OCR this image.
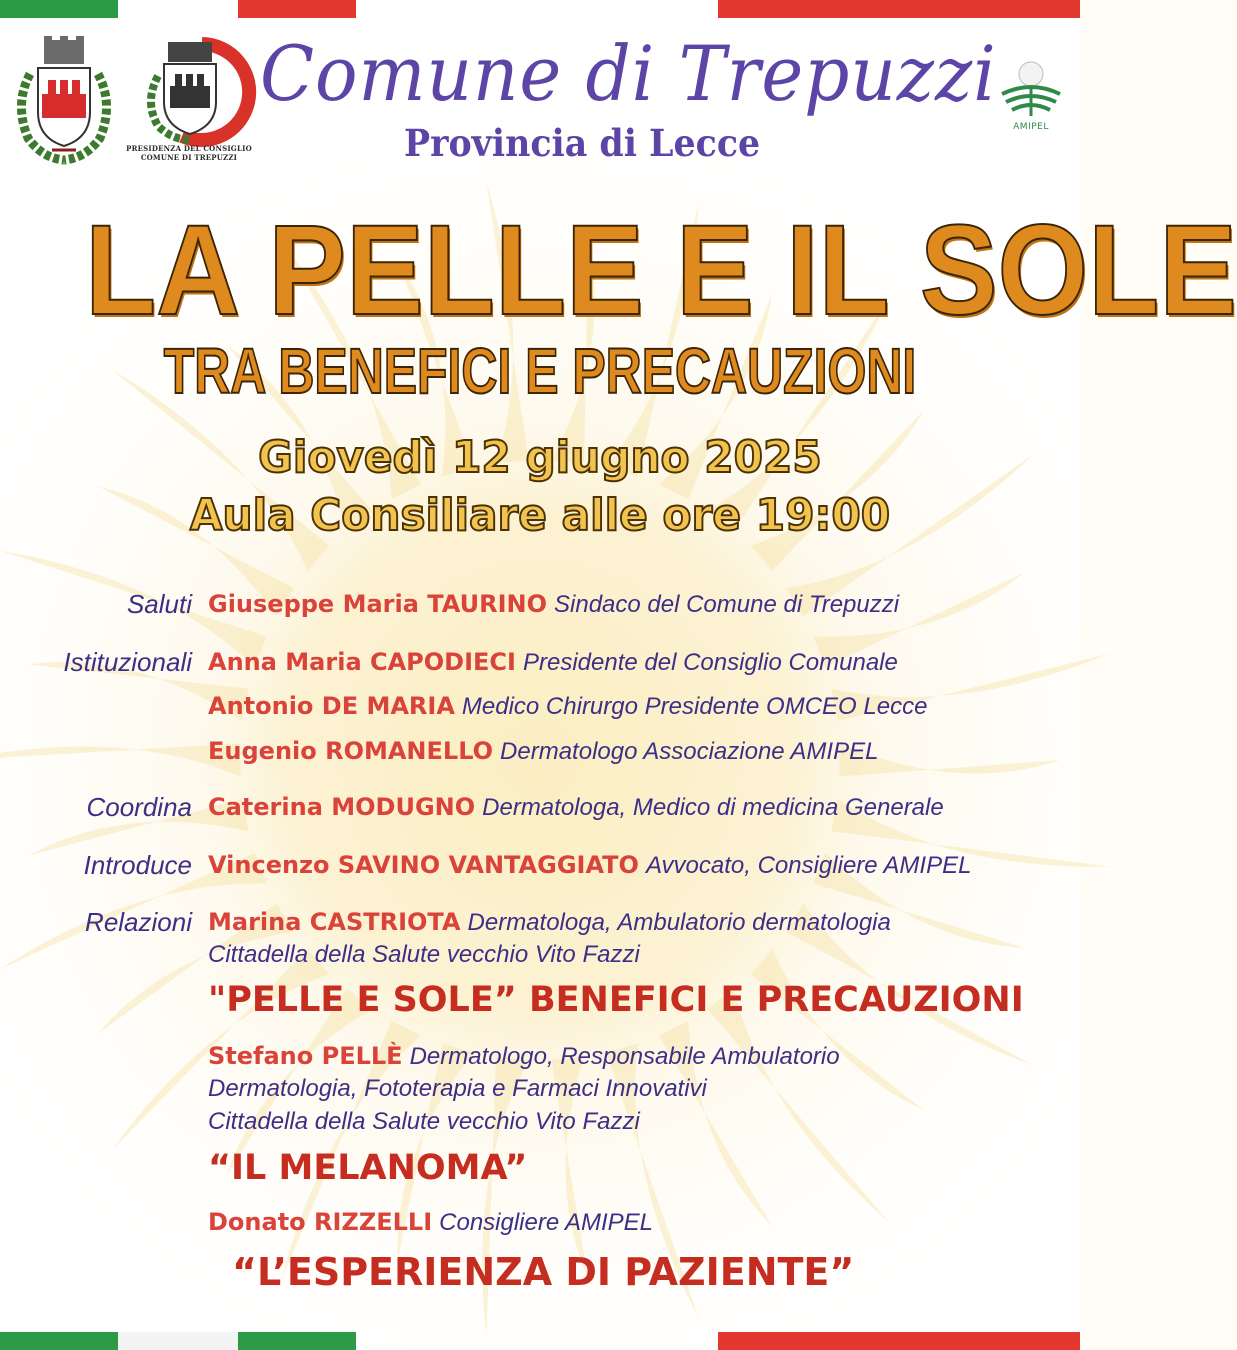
PRESIDENZA DEL CONSIGLIO
COMUNE DI TREPUZZI
Comune di Trepuzzi
Provincia di Lecce	AMIPEL
LA PELLE E IL SOLE
TRA BENEFICI E PRECAUZIONI
Giovedì 12 giugno 2025
Aula Consiliare alle ore 19:00
Saluti
Istituzionali
Coordina
Introduce
Relazioni
Giuseppe Maria TAURINO Sindaco del Comune di Trepuzzi
Anna Maria CAPODIECI Presidente del Consiglio Comunale
Antonio DE MARIA Medico Chirurgo Presidente OMCEO Lecce
Eugenio ROMANELLO Dermatologo Associazione AMIPEL
Caterina MODUGNO Dermatologa, Medico di medicina Generale
Vincenzo SAVINO VANTAGGIATO Avvocato, Consigliere AMIPEL
Marina CASTRIOTA Dermatologa, Ambulatorio dermatologia
Cittadella della Salute vecchio Vito Fazzi
"PELLE E SOLE” BENEFICI E PRECAUZIONI
Stefano PELLÈ Dermatologo, Responsabile Ambulatorio
Dermatologia, Fototerapia e Farmaci Innovativi
Cittadella della Salute vecchio Vito Fazzi
“IL MELANOMA”
Donato RIZZELLI Consigliere AMIPEL
“L’ESPERIENZA DI PAZIENTE”
